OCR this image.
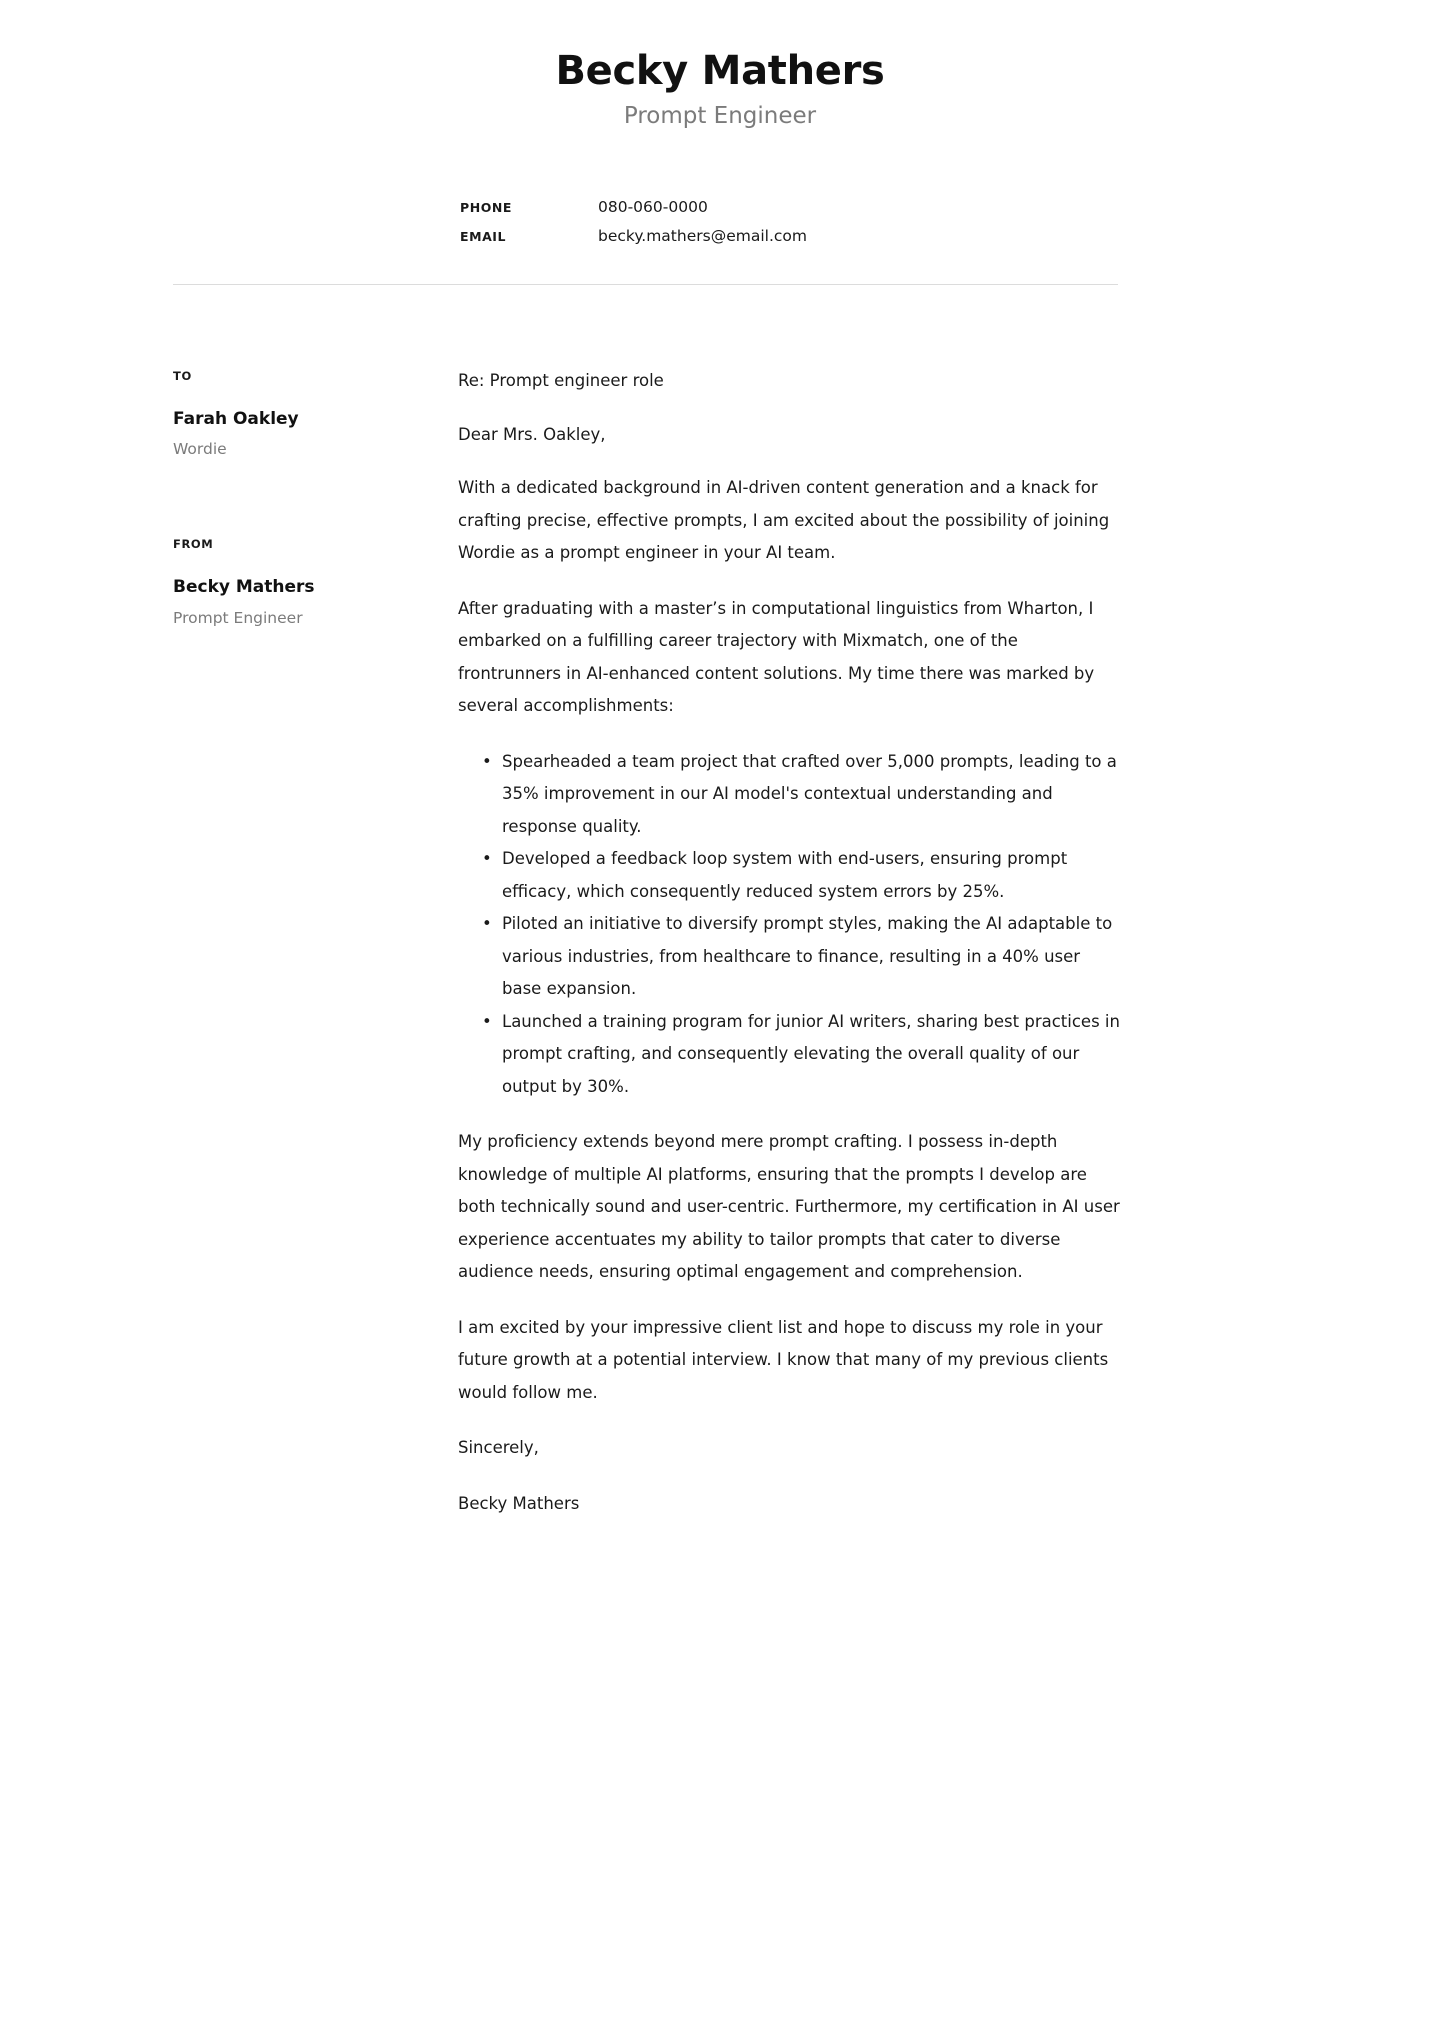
Becky Mathers
Prompt Engineer
PHONE	080-060-0000
EMAIL	becky.mathers@email.com
TO
Farah Oakley
Wordie
FROM
Becky Mathers
Prompt Engineer

Re: Prompt engineer role

Dear Mrs. Oakley,

With a dedicated background in AI-driven content generation and a knack for crafting precise, effective prompts, I am excited about the possibility of joining Wordie as a prompt engineer in your AI team.

After graduating with a master’s in computational linguistics from Wharton, I embarked on a fulfilling career trajectory with Mixmatch, one of the frontrunners in AI-enhanced content solutions. My time there was marked by several accomplishments:

• Spearheaded a team project that crafted over 5,000 prompts, leading to a 35% improvement in our AI model's contextual understanding and response quality.
• Developed a feedback loop system with end-users, ensuring prompt efficacy, which consequently reduced system errors by 25%.
• Piloted an initiative to diversify prompt styles, making the AI adaptable to various industries, from healthcare to finance, resulting in a 40% user base expansion.
• Launched a training program for junior AI writers, sharing best practices in prompt crafting, and consequently elevating the overall quality of our output by 30%.

My proficiency extends beyond mere prompt crafting. I possess in-depth knowledge of multiple AI platforms, ensuring that the prompts I develop are both technically sound and user-centric. Furthermore, my certification in AI user experience accentuates my ability to tailor prompts that cater to diverse audience needs, ensuring optimal engagement and comprehension.

I am excited by your impressive client list and hope to discuss my role in your future growth at a potential interview. I know that many of my previous clients would follow me.

Sincerely,

Becky Mathers
